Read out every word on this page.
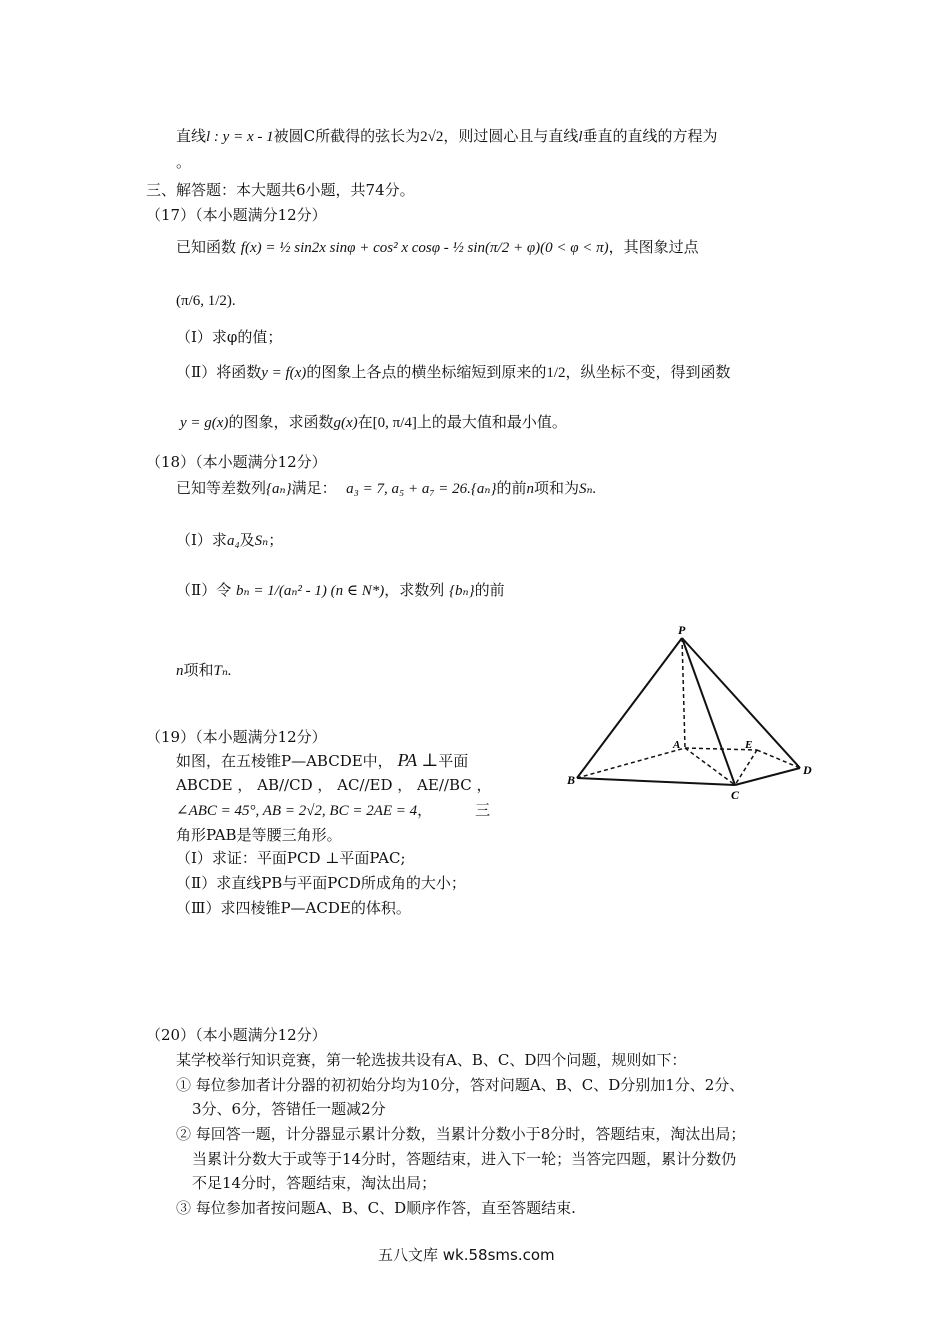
直线l : y = x - 1被圆C所截得的弦长为2√2，则过圆心且与直线l垂直的直线的方程为
。
三、解答题：本大题共6小题，共74分。
（17）（本小题满分12分）
已知函数 f(x) = ½ sin2x sinφ + cos² x cosφ - ½ sin(π/2 + φ)(0 < φ < π)，其图象过点
(π/6, 1/2).
（Ⅰ）求φ的值；
（Ⅱ）将函数y = f(x)的图象上各点的横坐标缩短到原来的1/2，纵坐标不变，得到函数
y = g(x)的图象，求函数g(x)在[0, π/4]上的最大值和最小值。
（18）（本小题满分12分）
已知等差数列{aₙ}满足： a₃ = 7, a₅ + a₇ = 26.{aₙ}的前n项和为Sₙ.
（Ⅰ）求a₄及Sₙ；
（Ⅱ）令 bₙ = 1/(aₙ² - 1) (n ∈ N*)，求数列 {bₙ}的前
n项和Tₙ.
P
A	E
B
C
D
（19）（本小题满分12分）
如图，在五棱锥P—ABCDE中， PA ⊥平面
ABCDE ， AB//CD ， AC//ED ， AE//BC ，
∠ABC = 45°, AB = 2√2, BC = 2AE = 4，	三
角形PAB是等腰三角形。
（Ⅰ）求证：平面PCD ⊥平面PAC;
（Ⅱ）求直线PB与平面PCD所成角的大小；
（Ⅲ）求四棱锥P—ACDE的体积。
（20）（本小题满分12分）
某学校举行知识竞赛，第一轮选拔共设有A、B、C、D四个问题，规则如下：
① 每位参加者计分器的初初始分均为10分，答对问题A、B、C、D分别加1分、2分、
3分、6分，答错任一题减2分
② 每回答一题，计分器显示累计分数，当累计分数小于8分时，答题结束，淘汰出局；
当累计分数大于或等于14分时，答题结束，进入下一轮；当答完四题，累计分数仍
不足14分时，答题结束，淘汰出局；
③ 每位参加者按问题A、B、C、D顺序作答，直至答题结束.
五八文库 wk.58sms.com
